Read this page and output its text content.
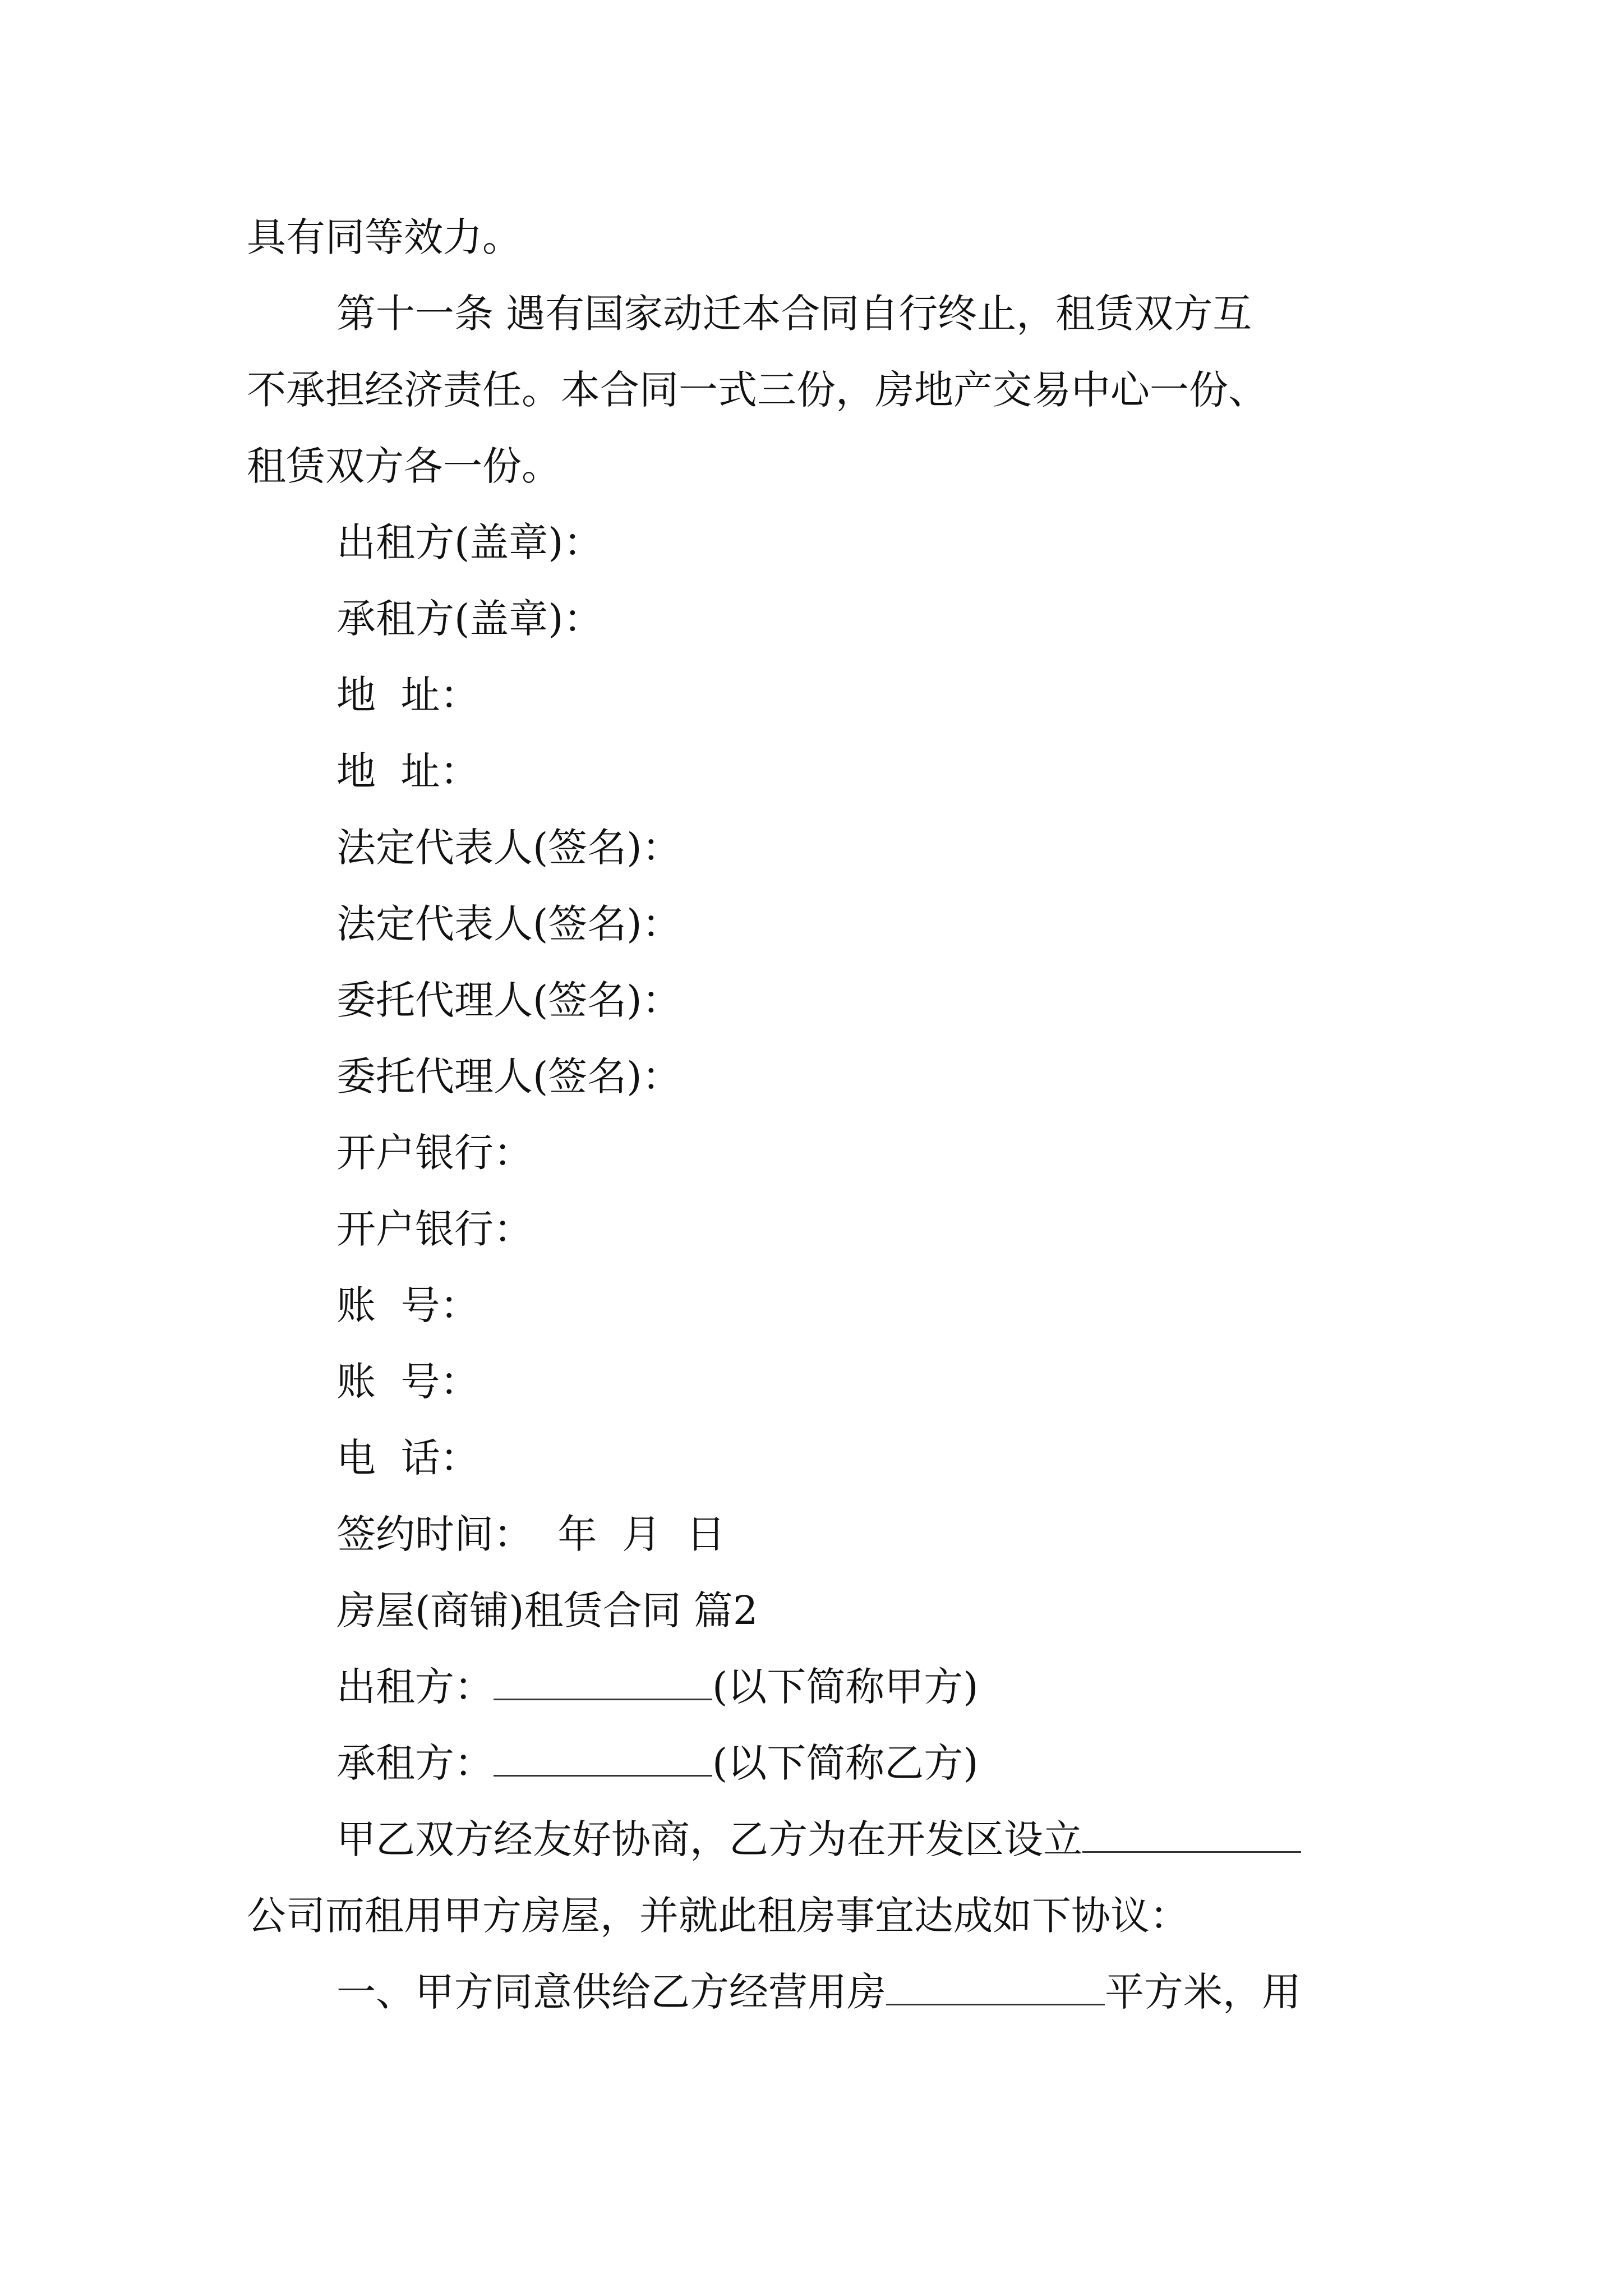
具有同等效力。

第十一条 遇有国家动迁本合同自行终止，租赁双方互

不承担经济责任。本合同一式三份，房地产交易中心一份、

租赁双方各一份。

出租方(盖章)：

承租方(盖章)：

地  址：

地  址：

法定代表人(签名)：

法定代表人(签名)：

委托代理人(签名)：

委托代理人(签名)：

开户银行：

开户银行：

账  号：

账  号：

电  话：

签约时间：  年  月  日

房屋(商铺)租赁合同 篇2

出租方：	(以下简称甲方)

承租方：	(以下简称乙方)

甲乙双方经友好协商，乙方为在开发区设立

公司而租用甲方房屋，并就此租房事宜达成如下协议：

一、甲方同意供给乙方经营用房	平方米，用
